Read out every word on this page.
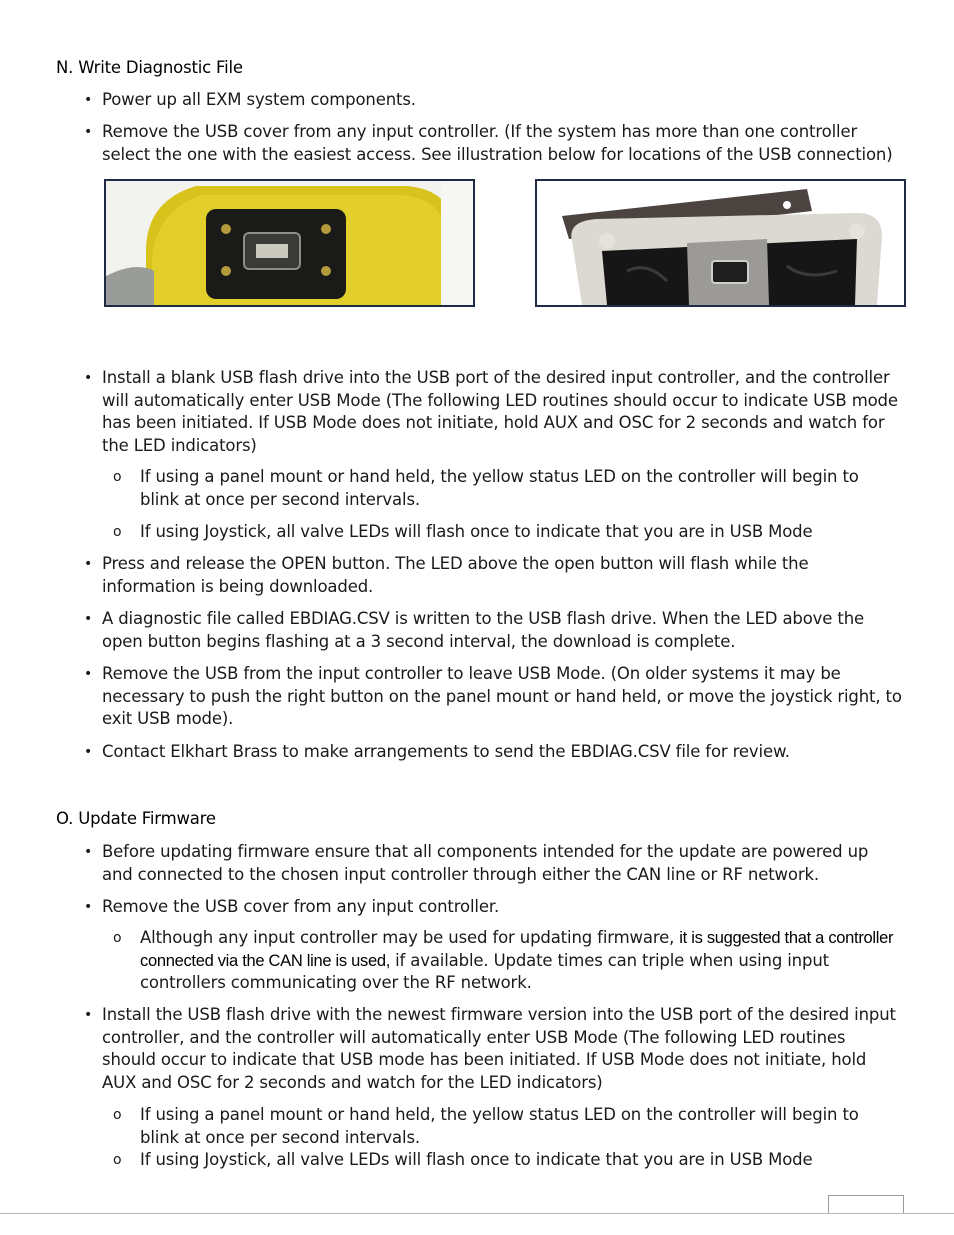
N. Write Diagnostic File
• Power up all EXM system components.
• Remove the USB cover from any input controller. (If the system has more than one controller select the one with the easiest access. See illustration below for locations of the USB connection)
• Install a blank USB flash drive into the USB port of the desired input controller, and the controller will automatically enter USB Mode (The following LED routines should occur to indicate USB mode has been initiated. If USB Mode does not initiate, hold AUX and OSC for 2 seconds and watch for the LED indicators)
o If using a panel mount or hand held, the yellow status LED on the controller will begin to blink at once per second intervals.
o If using Joystick, all valve LEDs will flash once to indicate that you are in USB Mode
• Press and release the OPEN button. The LED above the open button will flash while the information is being downloaded.
• A diagnostic file called EBDIAG.CSV is written to the USB flash drive. When the LED above the open button begins flashing at a 3 second interval, the download is complete.
• Remove the USB from the input controller to leave USB Mode. (On older systems it may be necessary to push the right button on the panel mount or hand held, or move the joystick right, to exit USB mode).
• Contact Elkhart Brass to make arrangements to send the EBDIAG.CSV file for review.
O. Update Firmware
• Before updating firmware ensure that all components intended for the update are powered up and connected to the chosen input controller through either the CAN line or RF network.
• Remove the USB cover from any input controller.
o Although any input controller may be used for updating firmware, it is suggested that a controller connected via the CAN line is used, if available. Update times can triple when using input controllers communicating over the RF network.
• Install the USB flash drive with the newest firmware version into the USB port of the desired input controller, and the controller will automatically enter USB Mode (The following LED routines should occur to indicate that USB mode has been initiated. If USB Mode does not initiate, hold AUX and OSC for 2 seconds and watch for the LED indicators)
o If using a panel mount or hand held, the yellow status LED on the controller will begin to blink at once per second intervals.
o If using Joystick, all valve LEDs will flash once to indicate that you are in USB Mode
